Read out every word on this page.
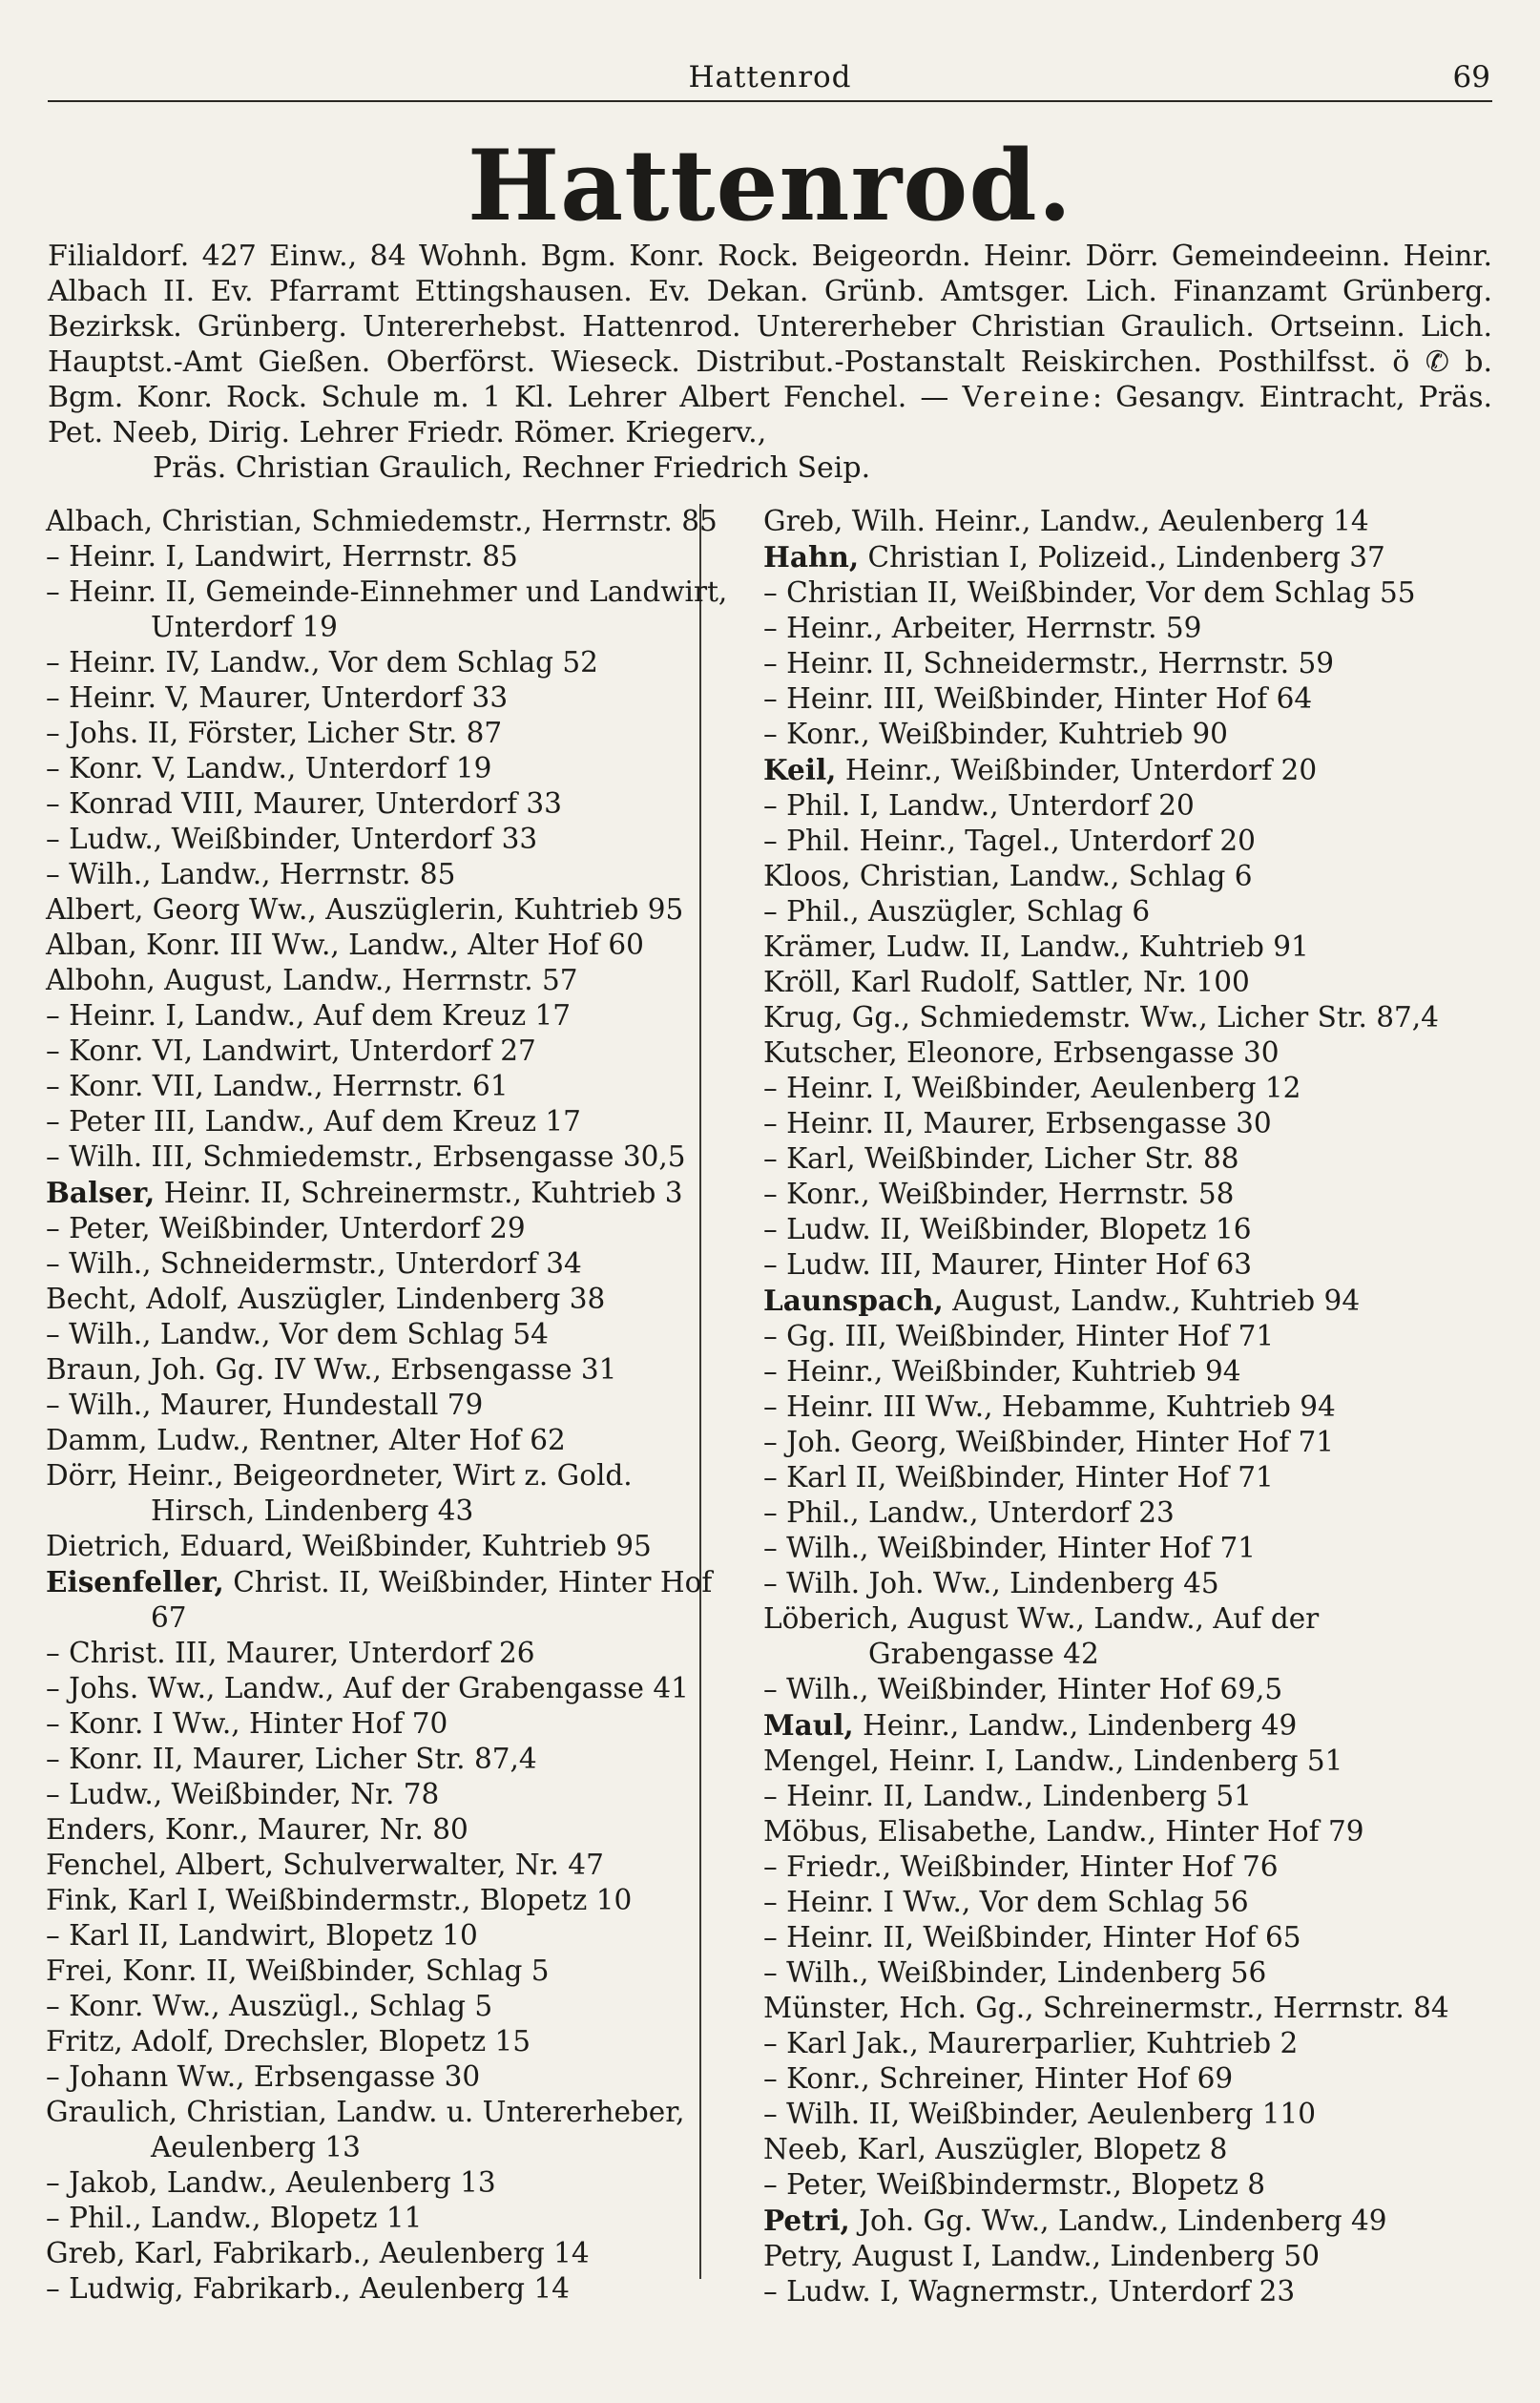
Hattenrod	69
Hattenrod.
Filialdorf. 427 Einw., 84 Wohnh. Bgm. Konr. Rock. Beigeordn. Heinr. Dörr. Gemeindeeinn. Heinr. Albach II. Ev. Pfarramt Ettingshausen. Ev. Dekan. Grünb. Amtsger. Lich. Finanzamt Grünberg. Bezirksk. Grünberg. Untererhebst. Hattenrod. Untererheber Christian Graulich. Ortseinn. Lich. Hauptst.-Amt Gießen. Oberförst. Wieseck. Distribut.-Postanstalt Reiskirchen. Posthilfsst. ö ✆ b. Bgm. Konr. Rock. Schule m. 1 Kl. Lehrer Albert Fenchel. — Vereine: Gesangv. Eintracht, Präs. Pet. Neeb, Dirig. Lehrer Friedr. Römer. Kriegerv.,
Präs. Christian Graulich, Rechner Friedrich Seip.

Albach, Christian, Schmiedemstr., Herrnstr. 85

– Heinr. I, Landwirt, Herrnstr. 85

– Heinr. II, Gemeinde-Einnehmer und Landwirt, Unterdorf 19

– Heinr. IV, Landw., Vor dem Schlag 52

– Heinr. V, Maurer, Unterdorf 33

– Johs. II, Förster, Licher Str. 87

– Konr. V, Landw., Unterdorf 19

– Konrad VIII, Maurer, Unterdorf 33

– Ludw., Weißbinder, Unterdorf 33

– Wilh., Landw., Herrnstr. 85

Albert, Georg Ww., Auszüglerin, Kuhtrieb 95

Alban, Konr. III Ww., Landw., Alter Hof 60

Albohn, August, Landw., Herrnstr. 57

– Heinr. I, Landw., Auf dem Kreuz 17

– Konr. VI, Landwirt, Unterdorf 27

– Konr. VII, Landw., Herrnstr. 61

– Peter III, Landw., Auf dem Kreuz 17

– Wilh. III, Schmiedemstr., Erbsengasse 30,5

Balser, Heinr. II, Schreinermstr., Kuhtrieb 3

– Peter, Weißbinder, Unterdorf 29

– Wilh., Schneidermstr., Unterdorf 34

Becht, Adolf, Auszügler, Lindenberg 38

– Wilh., Landw., Vor dem Schlag 54

Braun, Joh. Gg. IV Ww., Erbsengasse 31

– Wilh., Maurer, Hundestall 79

Damm, Ludw., Rentner, Alter Hof 62

Dörr, Heinr., Beigeordneter, Wirt z. Gold. Hirsch, Lindenberg 43

Dietrich, Eduard, Weißbinder, Kuhtrieb 95

Eisenfeller, Christ. II, Weißbinder, Hinter Hof 67

– Christ. III, Maurer, Unterdorf 26

– Johs. Ww., Landw., Auf der Grabengasse 41

– Konr. I Ww., Hinter Hof 70

– Konr. II, Maurer, Licher Str. 87,4

– Ludw., Weißbinder, Nr. 78

Enders, Konr., Maurer, Nr. 80

Fenchel, Albert, Schulverwalter, Nr. 47

Fink, Karl I, Weißbindermstr., Blopetz 10

– Karl II, Landwirt, Blopetz 10

Frei, Konr. II, Weißbinder, Schlag 5

– Konr. Ww., Auszügl., Schlag 5

Fritz, Adolf, Drechsler, Blopetz 15

– Johann Ww., Erbsengasse 30

Graulich, Christian, Landw. u. Untererheber, Aeulenberg 13

– Jakob, Landw., Aeulenberg 13

– Phil., Landw., Blopetz 11

Greb, Karl, Fabrikarb., Aeulenberg 14

– Ludwig, Fabrikarb., Aeulenberg 14

Greb, Wilh. Heinr., Landw., Aeulenberg 14

Hahn, Christian I, Polizeid., Lindenberg 37

– Christian II, Weißbinder, Vor dem Schlag 55

– Heinr., Arbeiter, Herrnstr. 59

– Heinr. II, Schneidermstr., Herrnstr. 59

– Heinr. III, Weißbinder, Hinter Hof 64

– Konr., Weißbinder, Kuhtrieb 90

Keil, Heinr., Weißbinder, Unterdorf 20

– Phil. I, Landw., Unterdorf 20

– Phil. Heinr., Tagel., Unterdorf 20

Kloos, Christian, Landw., Schlag 6

– Phil., Auszügler, Schlag 6

Krämer, Ludw. II, Landw., Kuhtrieb 91

Kröll, Karl Rudolf, Sattler, Nr. 100

Krug, Gg., Schmiedemstr. Ww., Licher Str. 87,4

Kutscher, Eleonore, Erbsengasse 30

– Heinr. I, Weißbinder, Aeulenberg 12

– Heinr. II, Maurer, Erbsengasse 30

– Karl, Weißbinder, Licher Str. 88

– Konr., Weißbinder, Herrnstr. 58

– Ludw. II, Weißbinder, Blopetz 16

– Ludw. III, Maurer, Hinter Hof 63

Launspach, August, Landw., Kuhtrieb 94

– Gg. III, Weißbinder, Hinter Hof 71

– Heinr., Weißbinder, Kuhtrieb 94

– Heinr. III Ww., Hebamme, Kuhtrieb 94

– Joh. Georg, Weißbinder, Hinter Hof 71

– Karl II, Weißbinder, Hinter Hof 71

– Phil., Landw., Unterdorf 23

– Wilh., Weißbinder, Hinter Hof 71

– Wilh. Joh. Ww., Lindenberg 45

Löberich, August Ww., Landw., Auf der Grabengasse 42

– Wilh., Weißbinder, Hinter Hof 69,5

Maul, Heinr., Landw., Lindenberg 49

Mengel, Heinr. I, Landw., Lindenberg 51

– Heinr. II, Landw., Lindenberg 51

Möbus, Elisabethe, Landw., Hinter Hof 79

– Friedr., Weißbinder, Hinter Hof 76

– Heinr. I Ww., Vor dem Schlag 56

– Heinr. II, Weißbinder, Hinter Hof 65

– Wilh., Weißbinder, Lindenberg 56

Münster, Hch. Gg., Schreinermstr., Herrnstr. 84

– Karl Jak., Maurerparlier, Kuhtrieb 2

– Konr., Schreiner, Hinter Hof 69

– Wilh. II, Weißbinder, Aeulenberg 110

Neeb, Karl, Auszügler, Blopetz 8

– Peter, Weißbindermstr., Blopetz 8

Petri, Joh. Gg. Ww., Landw., Lindenberg 49

Petry, August I, Landw., Lindenberg 50

– Ludw. I, Wagnermstr., Unterdorf 23
